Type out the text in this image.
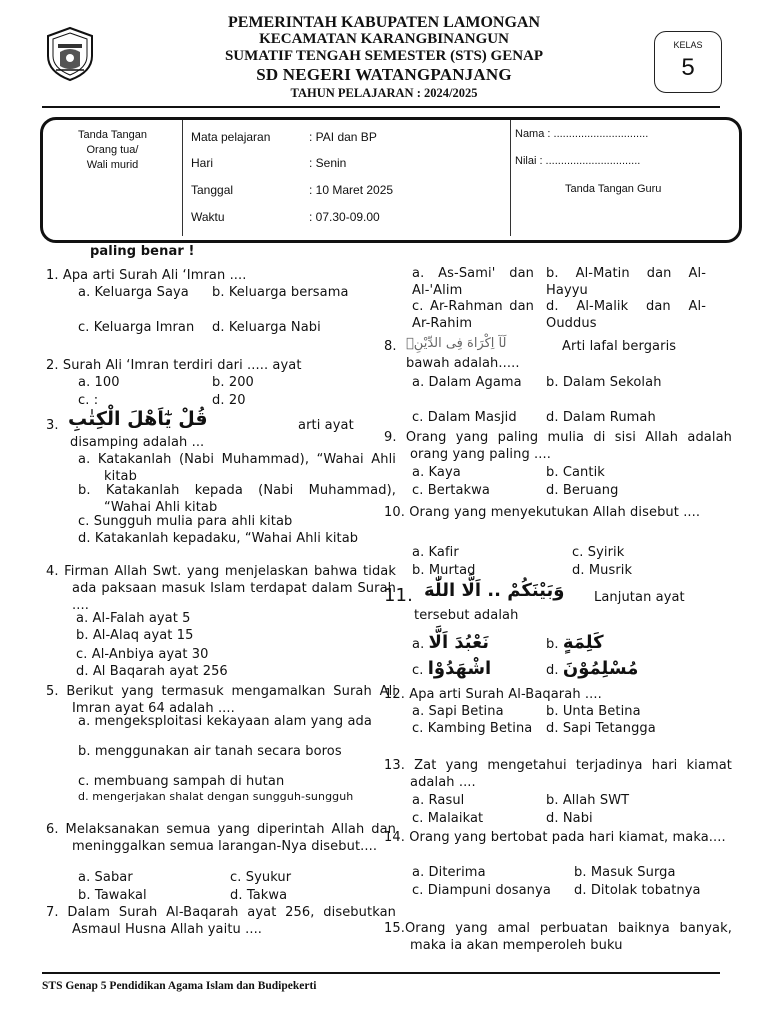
PEMERINTAH KABUPATEN LAMONGAN
KECAMATAN KARANGBINANGUN
SUMATIF TENGAH SEMESTER (STS) GENAP
SD NEGERI WATANGPANJANG
TAHUN PELAJARAN : 2024/2025
KELAS
5
Tanda Tangan
Orang tua/
Wali murid
Mata pelajaran	: PAI dan BP
Hari	: Senin
Tanggal	: 10 Maret 2025
Waktu	: 07.30-09.00
Nama : ...............................
Nilai : ...............................
Tanda Tangan Guru
paling benar !
1. Apa arti Surah Ali ‘Imran ....
a. Keluarga Saya	b. Keluarga bersama
c. Keluarga Imran	d. Keluarga Nabi
2. Surah Ali ‘Imran terdiri dari ..... ayat
a. 100	b. 200
c. :	d. 20
3. قُلْ يٰٓاَهْلَ الْكِتٰبِ	arti ayat
disamping adalah ...
a. Katakanlah (Nabi Muhammad), “Wahai Ahli kitab
b. Katakanlah kepada (Nabi Muhammad), “Wahai Ahli kitab
c. Sungguh mulia para ahli kitab
d. Katakanlah kepadaku, “Wahai Ahli kitab
4. Firman Allah Swt. yang menjelaskan bahwa tidak ada paksaan masuk Islam terdapat dalam Surah ....
a. Al-Falah ayat 5
b. Al-Alaq ayat 15
c. Al-Anbiya ayat 30
d. Al Baqarah ayat 256
5. Berikut yang termasuk mengamalkan Surah Ali Imran ayat 64 adalah ....
a. mengeksploitasi kekayaan alam yang ada
b. menggunakan air tanah secara boros
c. membuang sampah di hutan
d. mengerjakan shalat dengan sungguh-sungguh
6. Melaksanakan semua yang diperintah Allah dan meninggalkan semua larangan-Nya disebut....
a. Sabar	c. Syukur
b. Tawakal	d. Takwa
7. Dalam Surah Al-Baqarah ayat 256, disebutkan Asmaul Husna Allah yaitu ....
a. As-Sami' dan Al-'Alim
b. Al-Matin dan Al-Hayyu
c. Ar-Rahman dan Ar-Rahim
d. Al-Malik dan Al-Ouddus
8. لَآ اِكْرَاهَ فِى الدِّيْنِۗ	Arti lafal bergaris
bawah adalah.....
a. Dalam Agama	b. Dalam Sekolah
c. Dalam Masjid d. Dalam Rumah
9. Orang yang paling mulia di sisi Allah adalah orang yang paling ....
a. Kaya	b. Cantik
c. Bertakwa	d. Beruang
10. Orang yang menyekutukan Allah disebut ....
a. Kafir	c. Syirik
b. Murtad	d. Musrik
11. وَبَيْنَكُمْ .. اَلَّا اللّٰهَ	Lanjutan ayat
tersebut adalah
a. نَعْبُدَ اَلَّا	b. كَلِمَةٍ
c. اشْهَدُوْا	d. مُسْلِمُوْنَ
12. Apa arti Surah Al-Baqarah ....
a. Sapi Betina	b. Unta Betina
c. Kambing Betina d. Sapi Tetangga
13. Zat yang mengetahui terjadinya hari kiamat adalah ....
a. Rasul	b. Allah SWT
c. Malaikat	d. Nabi
14. Orang yang bertobat pada hari kiamat, maka....
a. Diterima	b. Masuk Surga
c. Diampuni dosanya	d. Ditolak tobatnya
15.Orang yang amal perbuatan baiknya banyak, maka ia akan memperoleh buku
STS Genap 5 Pendidikan Agama Islam dan Budipekerti
